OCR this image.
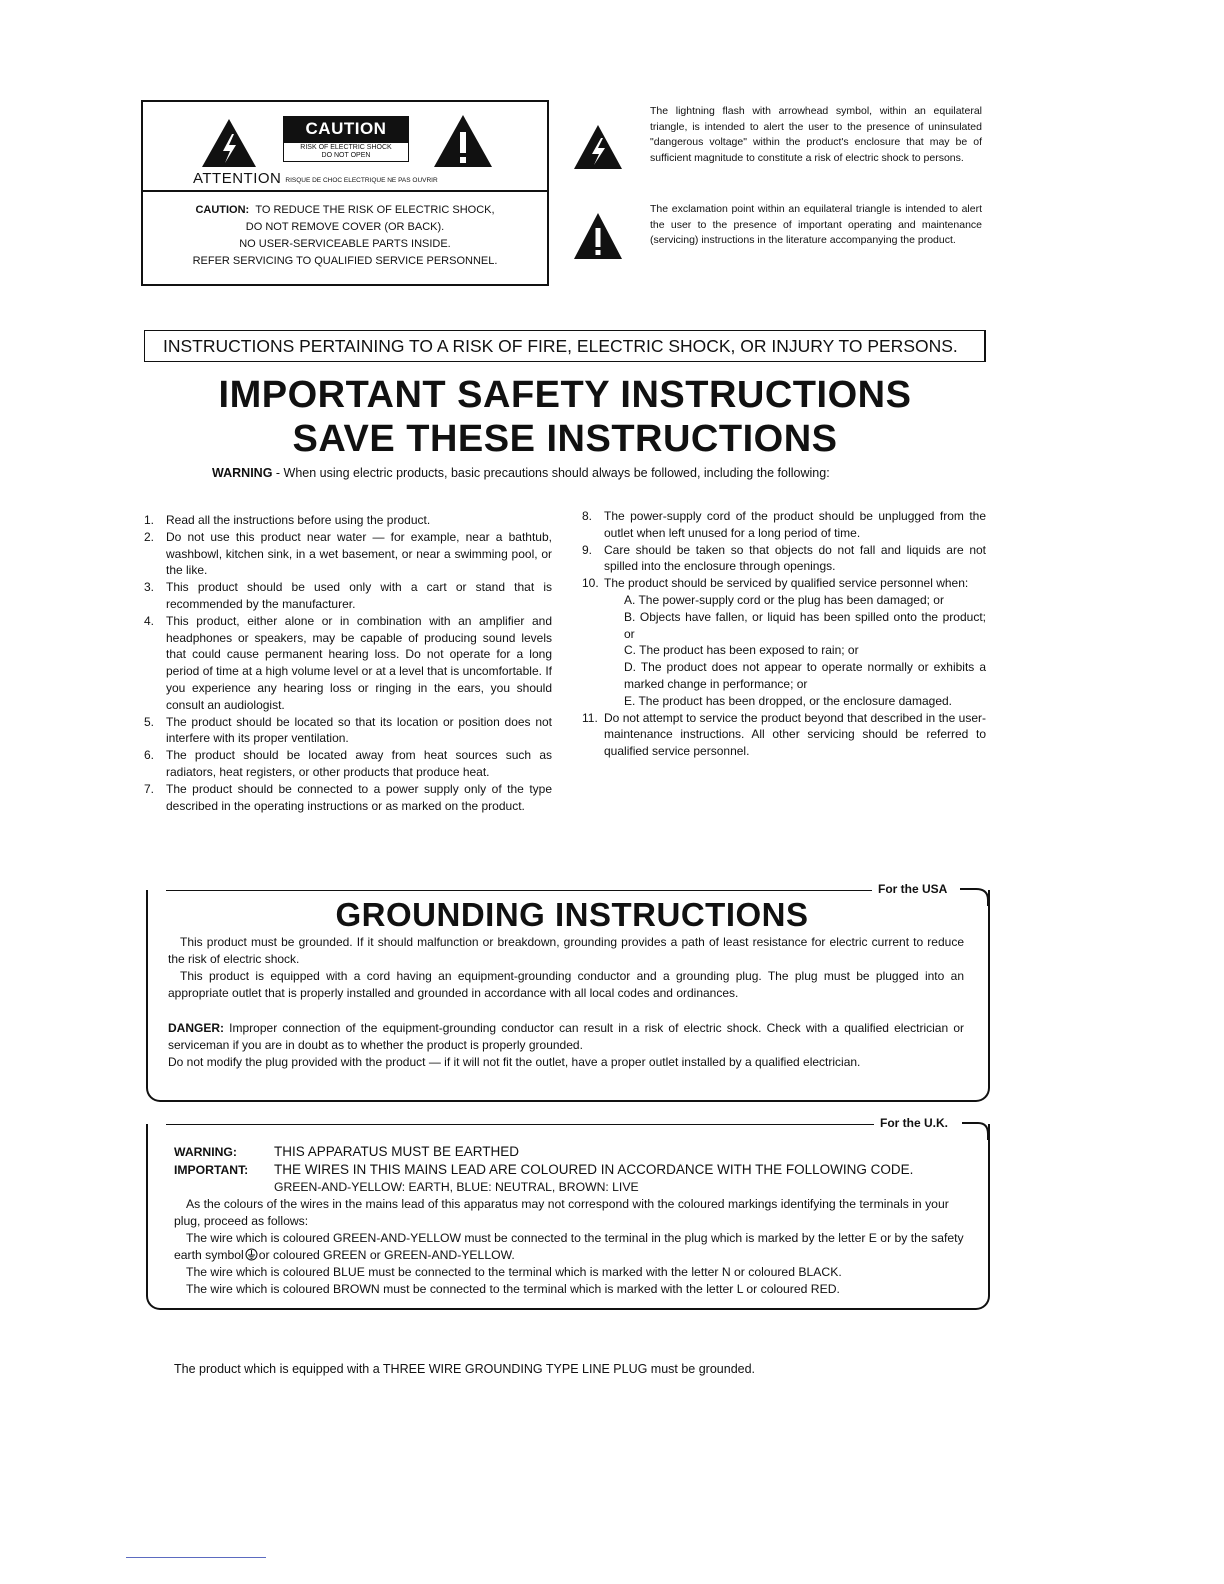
CAUTION
RISK OF ELECTRIC SHOCK
DO NOT OPEN
ATTENTION RISQUE DE CHOC ELECTRIQUE NE PAS OUVRIR
CAUTION: TO REDUCE THE RISK OF ELECTRIC SHOCK,
DO NOT REMOVE COVER (OR BACK).
NO USER-SERVICEABLE PARTS INSIDE.
REFER SERVICING TO QUALIFIED SERVICE PERSONNEL.
The lightning flash with arrowhead symbol, within an equilateral triangle, is intended to alert the user to the presence of uninsulated "dangerous voltage" within the product's enclosure that may be of sufficient magnitude to constitute a risk of electric shock to persons.
The exclamation point within an equilateral triangle is intended to alert the user to the presence of important operating and maintenance (servicing) instructions in the literature accompanying the product.
INSTRUCTIONS PERTAINING TO A RISK OF FIRE, ELECTRIC SHOCK, OR INJURY TO PERSONS.
IMPORTANT SAFETY INSTRUCTIONS
SAVE THESE INSTRUCTIONS
WARNING - When using electric products, basic precautions should always be followed, including the following:
1. Read all the instructions before using the product.
2. Do not use this product near water — for example, near a bathtub, washbowl, kitchen sink, in a wet basement, or near a swimming pool, or the like.
3. This product should be used only with a cart or stand that is recommended by the manufacturer.
4. This product, either alone or in combination with an amplifier and headphones or speakers, may be capable of producing sound levels that could cause permanent hearing loss. Do not operate for a long period of time at a high volume level or at a level that is uncomfortable. If you experience any hearing loss or ringing in the ears, you should consult an audiologist.
5. The product should be located so that its location or position does not interfere with its proper ventilation.
6. The product should be located away from heat sources such as radiators, heat registers, or other products that produce heat.
7. The product should be connected to a power supply only of the type described in the operating instructions or as marked on the product.
8. The power-supply cord of the product should be unplugged from the outlet when left unused for a long period of time.
9. Care should be taken so that objects do not fall and liquids are not spilled into the enclosure through openings.
10. The product should be serviced by qualified service personnel when:
A. The power-supply cord or the plug has been damaged; or
B. Objects have fallen, or liquid has been spilled onto the product; or
C. The product has been exposed to rain; or
D. The product does not appear to operate normally or exhibits a marked change in performance; or
E. The product has been dropped, or the enclosure damaged.
11. Do not attempt to service the product beyond that described in the user-maintenance instructions. All other servicing should be referred to qualified service personnel.
For the USA
GROUNDING INSTRUCTIONS

This product must be grounded. If it should malfunction or breakdown, grounding provides a path of least resistance for electric current to reduce the risk of electric shock.

This product is equipped with a cord having an equipment-grounding conductor and a grounding plug. The plug must be plugged into an appropriate outlet that is properly installed and grounded in accordance with all local codes and ordinances.

DANGER: Improper connection of the equipment-grounding conductor can result in a risk of electric shock. Check with a qualified electrician or serviceman if you are in doubt as to whether the product is properly grounded.

Do not modify the plug provided with the product — if it will not fit the outlet, have a proper outlet installed by a qualified electrician.

For the U.K.

WARNING:	THIS APPARATUS MUST BE EARTHED

IMPORTANT: THE WIRES IN THIS MAINS LEAD ARE COLOURED IN ACCORDANCE WITH THE FOLLOWING CODE.

GREEN-AND-YELLOW: EARTH, BLUE: NEUTRAL, BROWN: LIVE

As the colours of the wires in the mains lead of this apparatus may not correspond with the coloured markings identifying the terminals in your plug, proceed as follows:

The wire which is coloured GREEN-AND-YELLOW must be connected to the terminal in the plug which is marked by the letter E or by the safety earth symbol or coloured GREEN or GREEN-AND-YELLOW.

The wire which is coloured BLUE must be connected to the terminal which is marked with the letter N or coloured BLACK.

The wire which is coloured BROWN must be connected to the terminal which is marked with the letter L or coloured RED.

The product which is equipped with a THREE WIRE GROUNDING TYPE LINE PLUG must be grounded.
